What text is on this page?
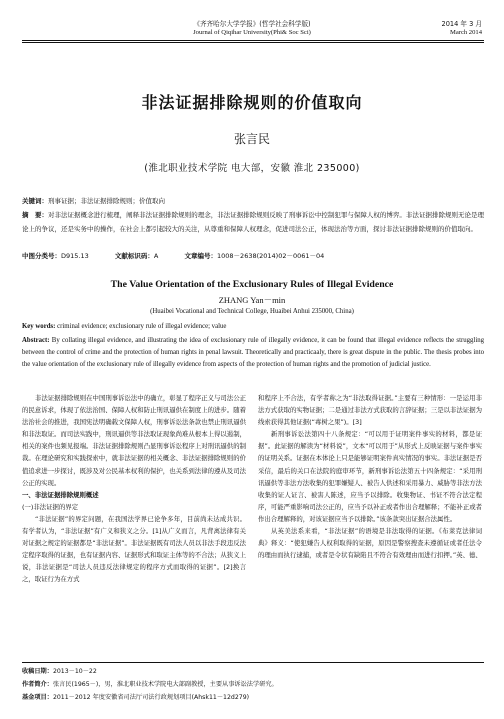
《齐齐哈尔大学学报》(哲学社会科学版)
Journal of Qiqihar University(Phi& Soc Sci)
2014 年 3 月
March 2014
非法证据排除规则的价值取向
张言民
(淮北职业技术学院 电大部，安徽 淮北 235000)
关键词：刑事证据；非法证据排除规则；价值取向
摘　要：对非法证据概念进行梳理，阐释非法证据排除规则的理念，非法证据排除规则反映了刑事诉讼中控制犯罪与保障人权的博弈。非法证据排除规则无论是理论上的争议，还是实务中的操作，在社会上都引起较大的关注，从尊重和保障人权理念，促进司法公正，体现法治等方面，探讨非法证据排除规则的价值取向。
中图分类号：D915.13	文献标识码：A	文章编号：1008－2638(2014)02－0061－04
The Value Orientation of the Exclusionary Rules of Illegal Evidence
ZHANG Yan－min
(Huaibei Vocational and Technical College, Huaibei Anhui 235000, China)
Key words: criminal evidence; exclusionary rule of illegal evidence; value
Abstract: By collating illegal evidence, and illustrating the idea of exclusionary rule of illegally evidence, it can be found that illegal evidence reflects the struggling between the control of crime and the protection of human rights in penal lawsuit. Theoretically and practicaaly, there is great dispute in the public. The thesis probes into the value orientation of the exclusionary rule of illegally evidence from aspects of the protection of human rights and the promotion of judicial justice.

非法证据排除规则在中国刑事诉讼法中的确立，彰显了程序正义与司法公正的民意诉求，体现了依法治国、保障人权和防止刑讯逼供在制度上的进步。随着法治社会的推进，我国宪法明确载文保障人权，刑事诉讼法条款也禁止刑讯逼供和非法取证。而司法实践中，刑讯逼供等非法取证现象尚难从根本上得以遏制，相关的案件也频见报端。非法证据排除规则凸显刑事诉讼程序上对刑讯逼供的制裁。在理论研究和实践探索中，就非法证据的相关概念、非法证据排除规则的价值追求进一步探讨，既涉及对公民基本权利的保护，也关系到法律的遵从及司法公正的实现。

一、非法证据排除规则概述

(一)非法证据的界定

“非法证据”的界定问题，在我国法学界已论争多年，目前尚未达成共识。有学者认为，“非法证据”有广义和狭义之分。[1]从广义而言，凡背离法律有关对证据之规定的证据都是“非法证据”。非法证据既有司法人员以非法手段违反法定程序取得的证据，也有证据内容、证据形式和取证主体等的不合法；从狭义上说，非法证据是“司法人员违反法律规定的程序方式而取得的证据”。[2]换言之，取证行为在方式

和程序上不合法，有学者称之为“非法取得证据。”主要有三种情形：一是运用非法方式获取的实物证据；二是通过非法方式获取的言辞证据；三是以非法证据为线索获得其他证据(“毒树之果”)。[3]

新刑事诉讼法第四十八条规定：“可以用于证明案件事实的材料，都是证据”。此证据的解读为“材料说”，文本“可以用于”从形式上反映证据与案件事实的证明关系。证据在本体论上只是能够证明案件真实情况的事实。非法证据是否采信，最后的关口在法院的庭审环节，新刑事诉讼法第五十四条规定：“采用刑讯逼供等非法方法收集的犯罪嫌疑人、被告人供述和采用暴力、威胁等非法方法收集的证人证言、被害人陈述，应当予以排除。收集物证、书证不符合法定程序，可能严重影响司法公正的，应当予以补正或者作出合理解释；不能补正或者作出合理解释的，对该证据应当予以排除。”该条款突出证据合法属性。

从英美法系来看，“非法证据”的语境是非法取得的证据。《布莱克法律词典》释义：“使犯嫌告人权利取得的证据，原因是警察搜查未遵循证或者任法令的理由而执行逮捕，或者是令状有缺陷且不符合有效理由而进行扣押。”英、德、

收稿日期：2013－10－22
作者简介：张言民(1965－)，男，淮北职业技术学院电大部副教授，主要从事诉讼法学研究。
基金项目：2011－2012 年度安徽省司法厅司法行政规划项目(Ahsk11－12d279)
